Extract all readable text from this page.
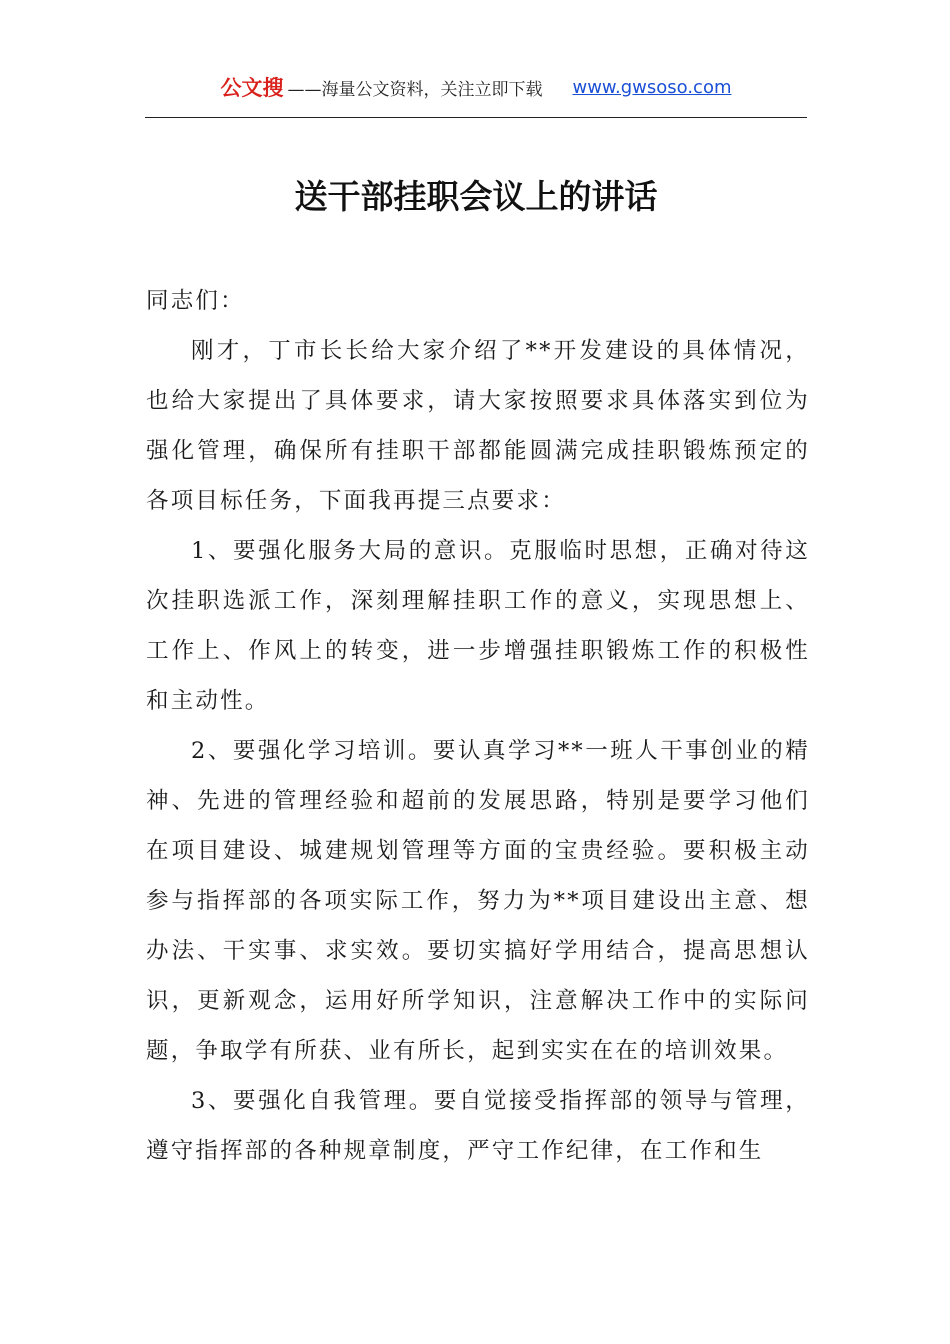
公文搜 ——海量公文资料，关注立即下载 www.gwsoso.com
送干部挂职会议上的讲话

同志们：

刚才，丁市长长给大家介绍了**开发建设的具体情况，也给大家提出了具体要求，请大家按照要求具体落实到位为强化管理，确保所有挂职干部都能圆满完成挂职锻炼预定的各项目标任务，下面我再提三点要求：

1、要强化服务大局的意识。克服临时思想，正确对待这次挂职选派工作，深刻理解挂职工作的意义，实现思想上、工作上、作风上的转变，进一步增强挂职锻炼工作的积极性和主动性。

2、要强化学习培训。要认真学习**一班人干事创业的精神、先进的管理经验和超前的发展思路，特别是要学习他们在项目建设、城建规划管理等方面的宝贵经验。要积极主动参与指挥部的各项实际工作，努力为**项目建设出主意、想办法、干实事、求实效。要切实搞好学用结合，提高思想认识，更新观念，运用好所学知识，注意解决工作中的实际问题，争取学有所获、业有所长，起到实实在在的培训效果。

3、要强化自我管理。要自觉接受指挥部的领导与管理，遵守指挥部的各种规章制度，严守工作纪律，在工作和生
